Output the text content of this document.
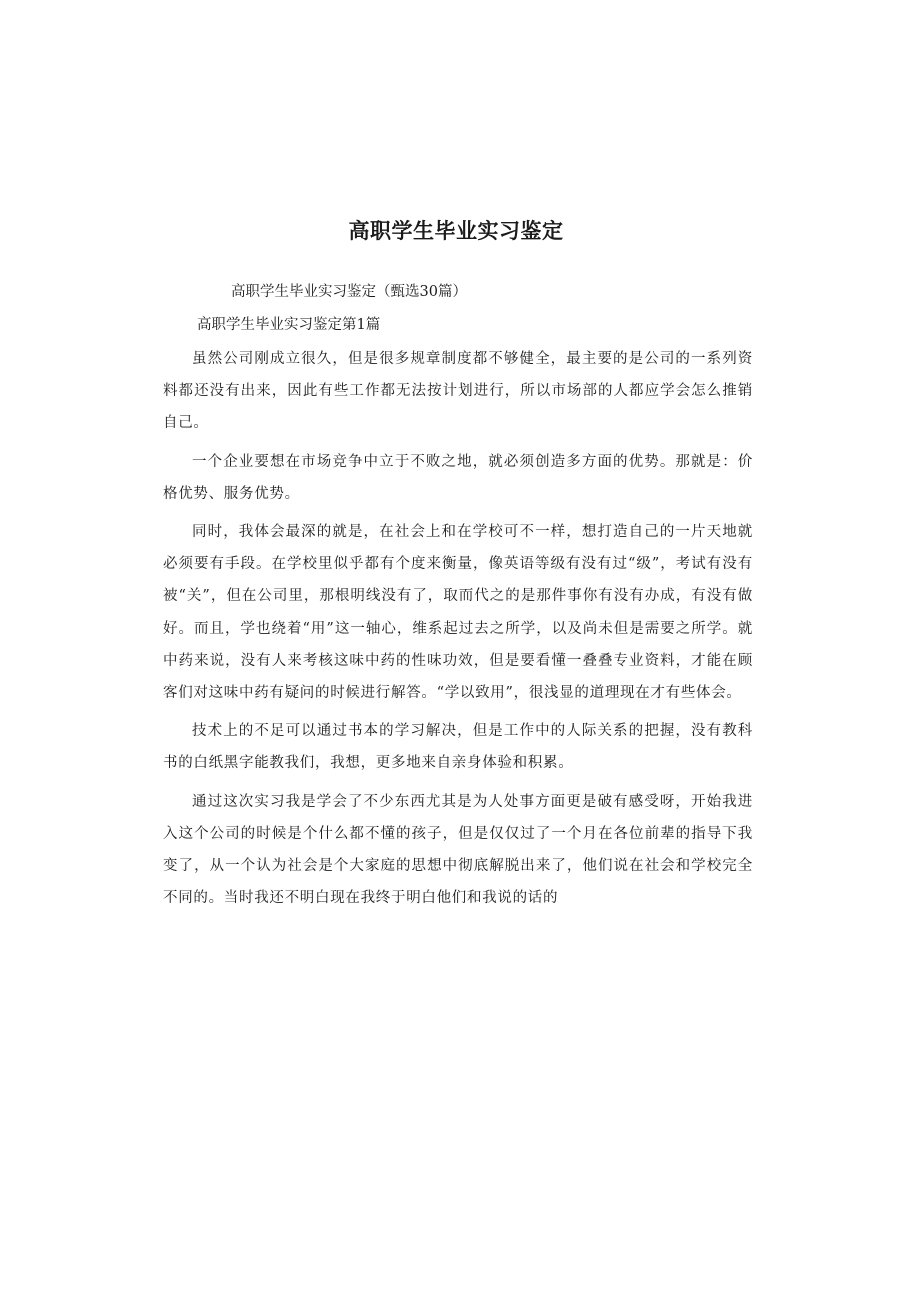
高职学生毕业实习鉴定

高职学生毕业实习鉴定（甄选30篇）

高职学生毕业实习鉴定第1篇

虽然公司刚成立很久，但是很多规章制度都不够健全，最主要的是公司的一系列资料都还没有出来，因此有些工作都无法按计划进行，所以市场部的人都应学会怎么推销自己。

一个企业要想在市场竞争中立于不败之地，就必须创造多方面的优势。那就是：价格优势、服务优势。

同时，我体会最深的就是，在社会上和在学校可不一样，想打造自己的一片天地就必须要有手段。在学校里似乎都有个度来衡量，像英语等级有没有过“级”，考试有没有被“关”，但在公司里，那根明线没有了，取而代之的是那件事你有没有办成，有没有做好。而且，学也绕着“用”这一轴心，维系起过去之所学，以及尚未但是需要之所学。就中药来说，没有人来考核这味中药的性味功效，但是要看懂一叠叠专业资料，才能在顾客们对这味中药有疑问的时候进行解答。“学以致用”，很浅显的道理现在才有些体会。

技术上的不足可以通过书本的学习解决，但是工作中的人际关系的把握，没有教科书的白纸黑字能教我们，我想，更多地来自亲身体验和积累。

通过这次实习我是学会了不少东西尤其是为人处事方面更是破有感受呀，开始我进入这个公司的时候是个什么都不懂的孩子，但是仅仅过了一个月在各位前辈的指导下我变了，从一个认为社会是个大家庭的思想中彻底解脱出来了，他们说在社会和学校完全不同的。当时我还不明白现在我终于明白他们和我说的话的
